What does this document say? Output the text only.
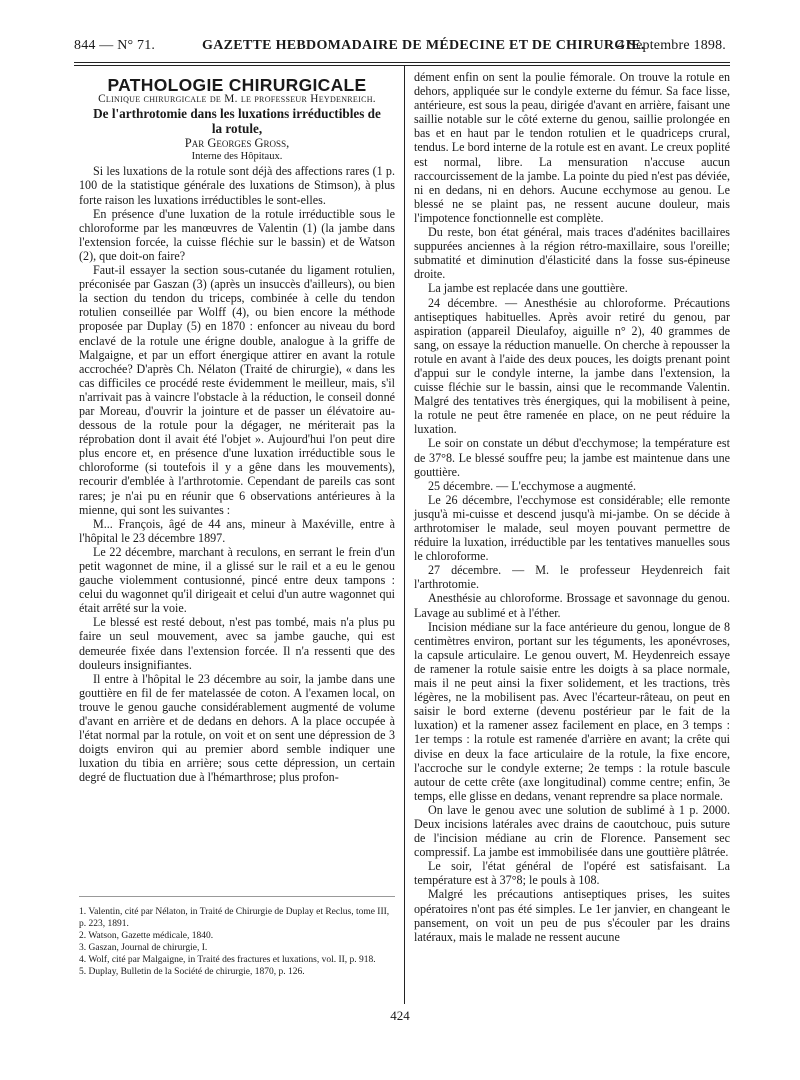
844 — N° 71.	GAZETTE HEBDOMADAIRE DE MÉDECINE ET DE CHIRURGIE.
4 Septembre 1898.

PATHOLOGIE CHIRURGICALE

Clinique chirurgicale de M. le professeur Heydenreich.

De l'arthrotomie dans les luxations irréductibles de la rotule,

Par Georges Gross,

Interne des Hôpitaux.

Si les luxations de la rotule sont déjà des affections rares (1 p. 100 de la statistique générale des luxations de Stimson), à plus forte raison les luxations irréductibles le sont-elles.

En présence d'une luxation de la rotule irréductible sous le chloroforme par les manœuvres de Valentin (1) (la jambe dans l'extension forcée, la cuisse fléchie sur le bassin) et de Watson (2), que doit-on faire?

Faut-il essayer la section sous-cutanée du ligament rotulien, préconisée par Gaszan (3) (après un insuccès d'ailleurs), ou bien la section du tendon du triceps, combinée à celle du tendon rotulien conseillée par Wolff (4), ou bien encore la méthode proposée par Duplay (5) en 1870 : enfoncer au niveau du bord enclavé de la rotule une érigne double, analogue à la griffe de Malgaigne, et par un effort énergique attirer en avant la rotule accrochée? D'après Ch. Nélaton (Traité de chirurgie), « dans les cas difficiles ce procédé reste évidemment le meilleur, mais, s'il n'arrivait pas à vaincre l'obstacle à la réduction, le conseil donné par Moreau, d'ouvrir la jointure et de passer un élévatoire au-dessous de la rotule pour la dégager, ne mériterait pas la réprobation dont il avait été l'objet ». Aujourd'hui l'on peut dire plus encore et, en présence d'une luxation irréductible sous le chloroforme (si toutefois il y a gêne dans les mouvements), recourir d'emblée à l'arthrotomie. Cependant de pareils cas sont rares; je n'ai pu en réunir que 6 observations antérieures à la mienne, qui sont les suivantes :

M... François, âgé de 44 ans, mineur à Maxéville, entre à l'hôpital le 23 décembre 1897.

Le 22 décembre, marchant à reculons, en serrant le frein d'un petit wagonnet de mine, il a glissé sur le rail et a eu le genou gauche violemment contusionné, pincé entre deux tampons : celui du wagonnet qu'il dirigeait et celui d'un autre wagonnet qui était arrêté sur la voie.

Le blessé est resté debout, n'est pas tombé, mais n'a plus pu faire un seul mouvement, avec sa jambe gauche, qui est demeurée fixée dans l'extension forcée. Il n'a ressenti que des douleurs insignifiantes.

Il entre à l'hôpital le 23 décembre au soir, la jambe dans une gouttière en fil de fer matelassée de coton. A l'examen local, on trouve le genou gauche considérablement augmenté de volume d'avant en arrière et de dedans en dehors. A la place occupée à l'état normal par la rotule, on voit et on sent une dépression de 3 doigts environ qui au premier abord semble indiquer une luxation du tibia en arrière; sous cette dépression, un certain degré de fluctuation due à l'hémarthrose; plus profon-

1. Valentin, cité par Nélaton, in Traité de Chirurgie de Duplay et Reclus, tome III, p. 223, 1891.

2. Watson, Gazette médicale, 1840.

3. Gaszan, Journal de chirurgie, I.

4. Wolf, cité par Malgaigne, in Traité des fractures et luxations, vol. II, p. 918.

5. Duplay, Bulletin de la Société de chirurgie, 1870, p. 126.

dément enfin on sent la poulie fémorale. On trouve la rotule en dehors, appliquée sur le condyle externe du fémur. Sa face lisse, antérieure, est sous la peau, dirigée d'avant en arrière, faisant une saillie notable sur le côté externe du genou, saillie prolongée en bas et en haut par le tendon rotulien et le quadriceps crural, tendus. Le bord interne de la rotule est en avant. Le creux poplité est normal, libre. La mensuration n'accuse aucun raccourcissement de la jambe. La pointe du pied n'est pas déviée, ni en dedans, ni en dehors. Aucune ecchymose au genou. Le blessé ne se plaint pas, ne ressent aucune douleur, mais l'impotence fonctionnelle est complète.

Du reste, bon état général, mais traces d'adénites bacillaires suppurées anciennes à la région rétro-maxillaire, sous l'oreille; submatité et diminution d'élasticité dans la fosse sus-épineuse droite.

La jambe est replacée dans une gouttière.

24 décembre. — Anesthésie au chloroforme. Précautions antiseptiques habituelles. Après avoir retiré du genou, par aspiration (appareil Dieulafoy, aiguille n° 2), 40 grammes de sang, on essaye la réduction manuelle. On cherche à repousser la rotule en avant à l'aide des deux pouces, les doigts prenant point d'appui sur le condyle interne, la jambe dans l'extension, la cuisse fléchie sur le bassin, ainsi que le recommande Valentin. Malgré des tentatives très énergiques, qui la mobilisent à peine, la rotule ne peut être ramenée en place, on ne peut réduire la luxation.

Le soir on constate un début d'ecchymose; la température est de 37°8. Le blessé souffre peu; la jambe est maintenue dans une gouttière.

25 décembre. — L'ecchymose a augmenté.

Le 26 décembre, l'ecchymose est considérable; elle remonte jusqu'à mi-cuisse et descend jusqu'à mi-jambe. On se décide à arthrotomiser le malade, seul moyen pouvant permettre de réduire la luxation, irréductible par les tentatives manuelles sous le chloroforme.

27 décembre. — M. le professeur Heydenreich fait l'arthrotomie.

Anesthésie au chloroforme. Brossage et savonnage du genou. Lavage au sublimé et à l'éther.

Incision médiane sur la face antérieure du genou, longue de 8 centimètres environ, portant sur les téguments, les aponévroses, la capsule articulaire. Le genou ouvert, M. Heydenreich essaye de ramener la rotule saisie entre les doigts à sa place normale, mais il ne peut ainsi la fixer solidement, et les tractions, très légères, ne la mobilisent pas. Avec l'écarteur-râteau, on peut en saisir le bord externe (devenu postérieur par le fait de la luxation) et la ramener assez facilement en place, en 3 temps : 1er temps : la rotule est ramenée d'arrière en avant; la crête qui divise en deux la face articulaire de la rotule, la fixe encore, l'accroche sur le condyle externe; 2e temps : la rotule bascule autour de cette crête (axe longitudinal) comme centre; enfin, 3e temps, elle glisse en dedans, venant reprendre sa place normale.

On lave le genou avec une solution de sublimé à 1 p. 2000. Deux incisions latérales avec drains de caoutchouc, puis suture de l'incision médiane au crin de Florence. Pansement sec compressif. La jambe est immobilisée dans une gouttière plâtrée.

Le soir, l'état général de l'opéré est satisfaisant. La température est à 37°8; le pouls à 108.

Malgré les précautions antiseptiques prises, les suites opératoires n'ont pas été simples. Le 1er janvier, en changeant le pansement, on voit un peu de pus s'écouler par les drains latéraux, mais le malade ne ressent aucune

424
